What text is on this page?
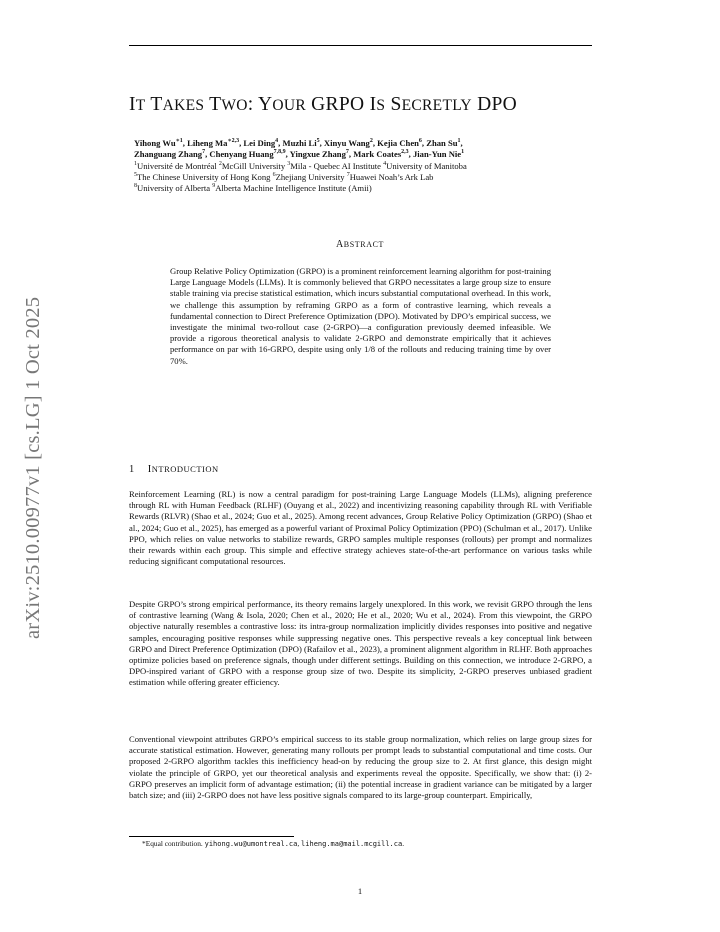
arXiv:2510.00977v1 [cs.LG] 1 Oct 2025
IT TAKES TWO: YOUR GRPO IS SECRETLY DPO
Yihong $Wu^{∗1}$, Liheng $Ma^{∗2,3}$, Lei Ding$^4$, Muzhi Li$^5$, Xinyu Wang$^2$, Kejia Chen$^6$, Zhan Su$^1$,
Zhanguang Zhang$^7$, Chenyang Huang$^{7,8,9}$, Yingxue Zhang$^7$, Mark Coates$^{2,3}$, Jian-Yun Nie$^1$
$^1$Université de Montréal $^2$McGill University $^3$Mila - Quebec AI Institute $^4$University of Manitoba
$^5$The Chinese University of Hong Kong $^6$Zhejiang University $^7$Huawei Noah’s Ark Lab
$^8$University of Alberta $^9$Alberta Machine Intelligence Institute (Amii)
ABSTRACT
Group Relative Policy Optimization (GRPO) is a prominent reinforcement learning algorithm for post-training Large Language Models (LLMs). It is commonly believed that GRPO necessitates a large group size to ensure stable training via precise statistical estimation, which incurs substantial computational overhead. In this work, we challenge this assumption by reframing GRPO as a form of contrastive learning, which reveals a fundamental connection to Direct Preference Optimization (DPO). Motivated by DPO’s empirical success, we investigate the minimal two-rollout case (2-GRPO)—a configuration previously deemed infeasible. We provide a rigorous theoretical analysis to validate 2-GRPO and demonstrate empirically that it achieves performance on par with 16-GRPO, despite using only 1/8 of the rollouts and reducing training time by over 70%.
1 INTRODUCTION
Reinforcement Learning (RL) is now a central paradigm for post-training Large Language Models (LLMs), aligning preference through RL with Human Feedback (RLHF) (Ouyang et al., 2022) and incentivizing reasoning capability through RL with Verifiable Rewards (RLVR) (Shao et al., 2024; Guo et al., 2025). Among recent advances, Group Relative Policy Optimization (GRPO) (Shao et al., 2024; Guo et al., 2025), has emerged as a powerful variant of Proximal Policy Optimization (PPO) (Schulman et al., 2017). Unlike PPO, which relies on value networks to stabilize rewards, GRPO samples multiple responses (rollouts) per prompt and normalizes their rewards within each group. This simple and effective strategy achieves state-of-the-art performance on various tasks while reducing significant computational resources.
Despite GRPO’s strong empirical performance, its theory remains largely unexplored. In this work, we revisit GRPO through the lens of contrastive learning (Wang & Isola, 2020; Chen et al., 2020; He et al., 2020; Wu et al., 2024). From this viewpoint, the GRPO objective naturally resembles a contrastive loss: its intra-group normalization implicitly divides responses into positive and negative samples, encouraging positive responses while suppressing negative ones. This perspective reveals a key conceptual link between GRPO and Direct Preference Optimization (DPO) (Rafailov et al., 2023), a prominent alignment algorithm in RLHF. Both approaches optimize policies based on preference signals, though under different settings. Building on this connection, we introduce 2-GRPO, a DPO-inspired variant of GRPO with a response group size of two. Despite its simplicity, 2-GRPO preserves unbiased gradient estimation while offering greater efficiency.
Conventional viewpoint attributes GRPO’s empirical success to its stable group normalization, which relies on large group sizes for accurate statistical estimation. However, generating many rollouts per prompt leads to substantial computational and time costs. Our proposed 2-GRPO algorithm tackles this inefficiency head-on by reducing the group size to 2. At first glance, this design might violate the principle of GRPO, yet our theoretical analysis and experiments reveal the opposite. Specifically, we show that: (i) 2-GRPO preserves an implicit form of advantage estimation; (ii) the potential increase in gradient variance can be mitigated by a larger batch size; and (iii) 2-GRPO does not have less positive signals compared to its large-group counterpart. Empirically,
*Equal contribution. yihong.wu@umontreal.ca, liheng.ma@mail.mcgill.ca.
1
